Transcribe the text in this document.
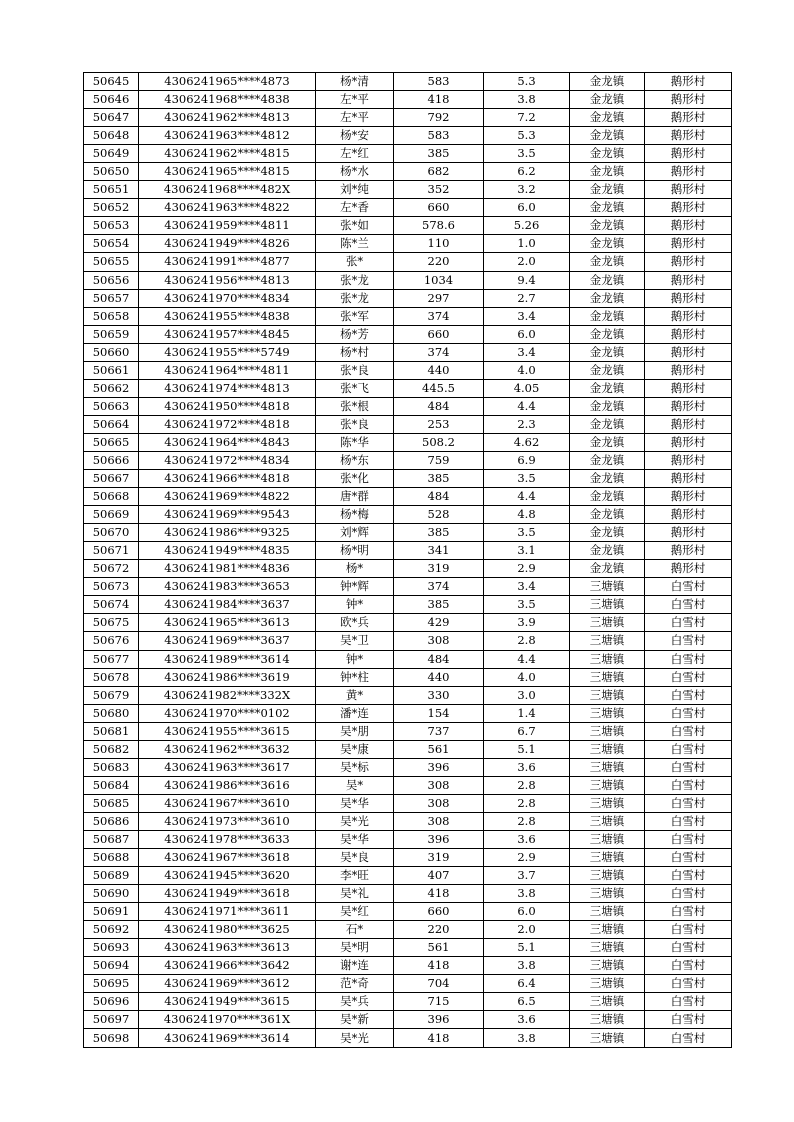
50645	4306241965****4873	杨*清	583	5.3	金龙镇	鹅形村
50646	4306241968****4838	左*平	418	3.8	金龙镇	鹅形村
50647	4306241962****4813	左*平	792	7.2	金龙镇	鹅形村
50648	4306241963****4812	杨*安	583	5.3	金龙镇	鹅形村
50649	4306241962****4815	左*红	385	3.5	金龙镇	鹅形村
50650	4306241965****4815	杨*水	682	6.2	金龙镇	鹅形村
50651	4306241968****482X	刘*纯	352	3.2	金龙镇	鹅形村
50652	4306241963****4822	左*香	660	6.0	金龙镇	鹅形村
50653	4306241959****4811	张*如	578.6	5.26	金龙镇	鹅形村
50654	4306241949****4826	陈*兰	110	1.0	金龙镇	鹅形村
50655	4306241991****4877	张*	220	2.0	金龙镇	鹅形村
50656	4306241956****4813	张*龙	1034	9.4	金龙镇	鹅形村
50657	4306241970****4834	张*龙	297	2.7	金龙镇	鹅形村
50658	4306241955****4838	张*军	374	3.4	金龙镇	鹅形村
50659	4306241957****4845	杨*芳	660	6.0	金龙镇	鹅形村
50660	4306241955****5749	杨*村	374	3.4	金龙镇	鹅形村
50661	4306241964****4811	张*良	440	4.0	金龙镇	鹅形村
50662	4306241974****4813	张*飞	445.5	4.05	金龙镇	鹅形村
50663	4306241950****4818	张*根	484	4.4	金龙镇	鹅形村
50664	4306241972****4818	张*良	253	2.3	金龙镇	鹅形村
50665	4306241964****4843	陈*华	508.2	4.62	金龙镇	鹅形村
50666	4306241972****4834	杨*东	759	6.9	金龙镇	鹅形村
50667	4306241966****4818	张*化	385	3.5	金龙镇	鹅形村
50668	4306241969****4822	唐*群	484	4.4	金龙镇	鹅形村
50669	4306241969****9543	杨*梅	528	4.8	金龙镇	鹅形村
50670	4306241986****9325	刘*辉	385	3.5	金龙镇	鹅形村
50671	4306241949****4835	杨*明	341	3.1	金龙镇	鹅形村
50672	4306241981****4836	杨*	319	2.9	金龙镇	鹅形村
50673	4306241983****3653	钟*辉	374	3.4	三塘镇	白雪村
50674	4306241984****3637	钟*	385	3.5	三塘镇	白雪村
50675	4306241965****3613	欧*兵	429	3.9	三塘镇	白雪村
50676	4306241969****3637	吴*卫	308	2.8	三塘镇	白雪村
50677	4306241989****3614	钟*	484	4.4	三塘镇	白雪村
50678	4306241986****3619	钟*柱	440	4.0	三塘镇	白雪村
50679	4306241982****332X	黄*	330	3.0	三塘镇	白雪村
50680	4306241970****0102	潘*连	154	1.4	三塘镇	白雪村
50681	4306241955****3615	吴*朋	737	6.7	三塘镇	白雪村
50682	4306241962****3632	吴*康	561	5.1	三塘镇	白雪村
50683	4306241963****3617	吴*标	396	3.6	三塘镇	白雪村
50684	4306241986****3616	吴*	308	2.8	三塘镇	白雪村
50685	4306241967****3610	吴*华	308	2.8	三塘镇	白雪村
50686	4306241973****3610	吴*光	308	2.8	三塘镇	白雪村
50687	4306241978****3633	吴*华	396	3.6	三塘镇	白雪村
50688	4306241967****3618	吴*良	319	2.9	三塘镇	白雪村
50689	4306241945****3620	李*旺	407	3.7	三塘镇	白雪村
50690	4306241949****3618	吴*礼	418	3.8	三塘镇	白雪村
50691	4306241971****3611	吴*红	660	6.0	三塘镇	白雪村
50692	4306241980****3625	石*	220	2.0	三塘镇	白雪村
50693	4306241963****3613	吴*明	561	5.1	三塘镇	白雪村
50694	4306241966****3642	谢*连	418	3.8	三塘镇	白雪村
50695	4306241969****3612	范*奇	704	6.4	三塘镇	白雪村
50696	4306241949****3615	吴*兵	715	6.5	三塘镇	白雪村
50697	4306241970****361X	吴*新	396	3.6	三塘镇	白雪村
50698	4306241969****3614	吴*光	418	3.8	三塘镇	白雪村
